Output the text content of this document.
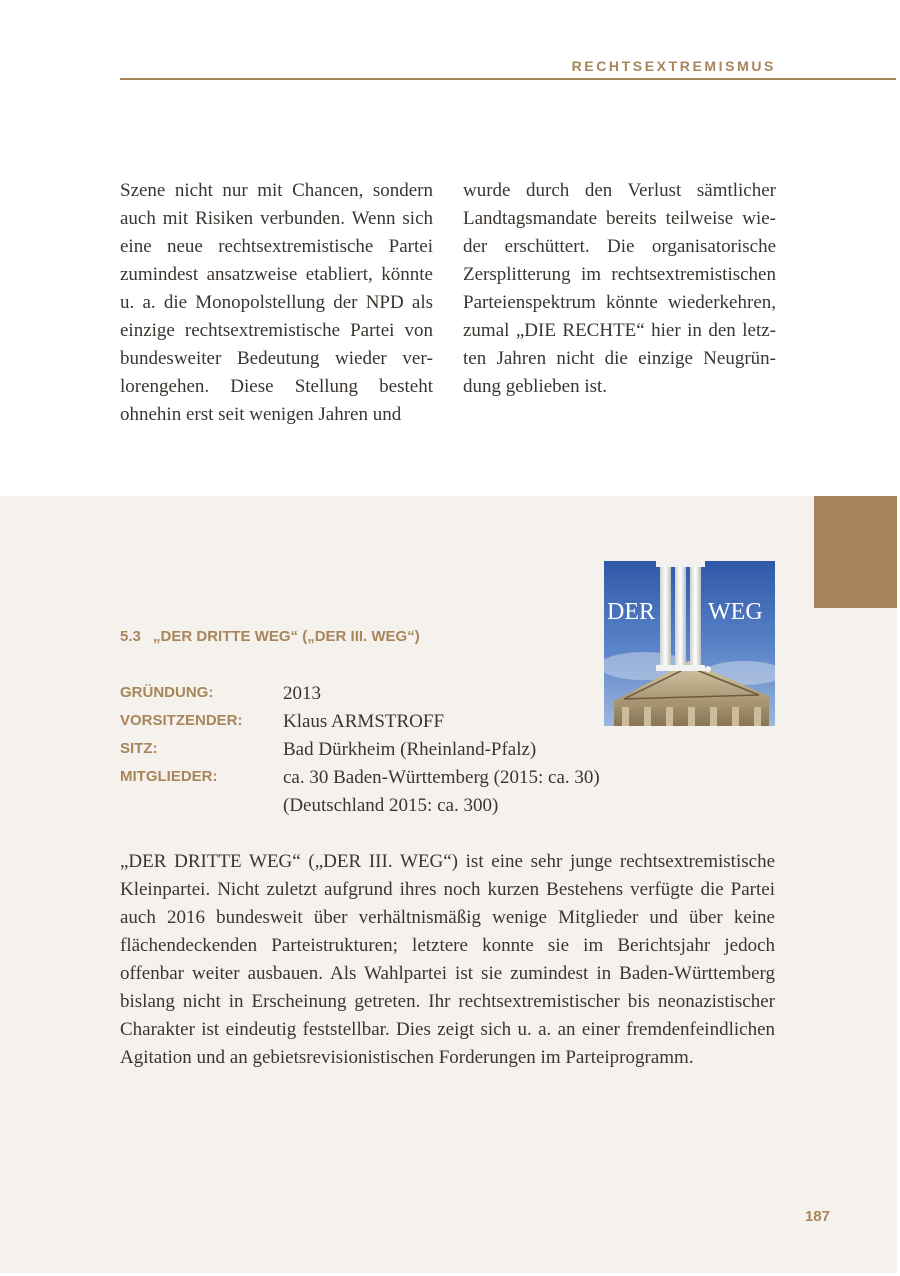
RECHTSEXTREMISMUS

Szene nicht nur mit Chancen, sondern auch mit Risiken verbunden. Wenn sich eine neue rechtsextremistische Partei zumindest ansatzweise etabliert, könnte u. a. die Monopolstellung der NPD als einzige rechtsextremistische Partei von bundesweiter Bedeutung wieder verlorengehen. Diese Stellung besteht ohnehin erst seit wenigen Jahren und

wurde durch den Verlust sämtlicher Landtagsmandate bereits teilweise wieder erschüttert. Die organisatorische Zersplitterung im rechtsextremistischen Parteienspektrum könnte wiederkehren, zumal „DIE RECHTE“ hier in den letzten Jahren nicht die einzige Neugründung geblieben ist.

DER WEG
5.3 „DER DRITTE WEG“ („DER III. WEG“)
GRÜNDUNG:	2013
VORSITZENDER: Klaus ARMSTROFF
SITZ:	Bad Dürkheim (Rheinland-Pfalz)
MITGLIEDER:	ca. 30 Baden-Württemberg (2015: ca. 30)
(Deutschland 2015: ca. 300)
„DER DRITTE WEG“ („DER III. WEG“) ist eine sehr junge rechtsextremistische Kleinpartei. Nicht zuletzt aufgrund ihres noch kurzen Bestehens verfügte die Partei auch 2016 bundesweit über verhältnismäßig wenige Mitglieder und über keine flächendeckenden Parteistrukturen; letztere konnte sie im Berichtsjahr jedoch offenbar weiter ausbauen. Als Wahlpartei ist sie zumindest in Baden-Württemberg bislang nicht in Erscheinung getreten. Ihr rechtsextremistischer bis neonazistischer Charakter ist eindeutig feststellbar. Dies zeigt sich u. a. an einer fremdenfeindlichen Agitation und an gebietsrevisionistischen Forderungen im Parteiprogramm.
187
